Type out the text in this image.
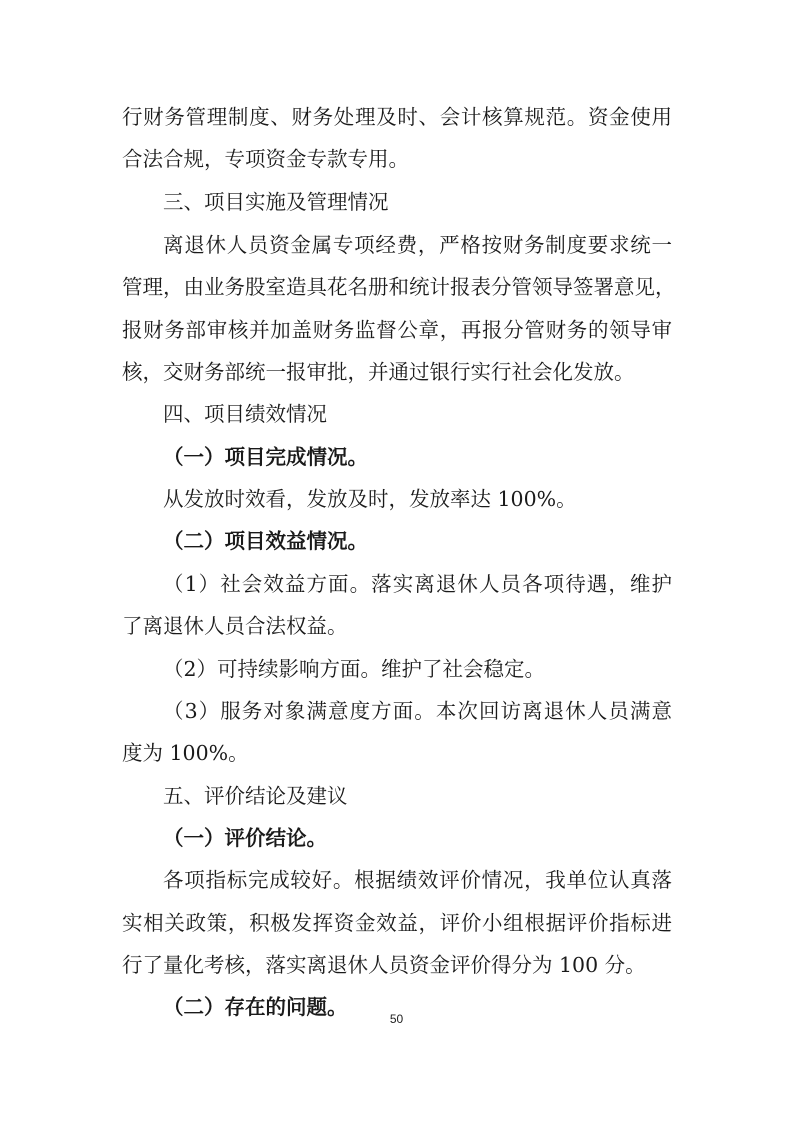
行财务管理制度、财务处理及时、会计核算规范。资金使用

合法合规，专项资金专款专用。

三、项目实施及管理情况

离退休人员资金属专项经费，严格按财务制度要求统一

管理，由业务股室造具花名册和统计报表分管领导签署意见，

报财务部审核并加盖财务监督公章，再报分管财务的领导审

核，交财务部统一报审批，并通过银行实行社会化发放。

四、项目绩效情况

（一）项目完成情况。

从发放时效看，发放及时，发放率达 100%。

（二）项目效益情况。

（1）社会效益方面。落实离退休人员各项待遇，维护

了离退休人员合法权益。

（2）可持续影响方面。维护了社会稳定。

（3）服务对象满意度方面。本次回访离退休人员满意

度为 100%。

五、评价结论及建议

（一）评价结论。

各项指标完成较好。根据绩效评价情况，我单位认真落

实相关政策，积极发挥资金效益，评价小组根据评价指标进

行了量化考核，落实离退休人员资金评价得分为 100 分。

（二）存在的问题。	50
